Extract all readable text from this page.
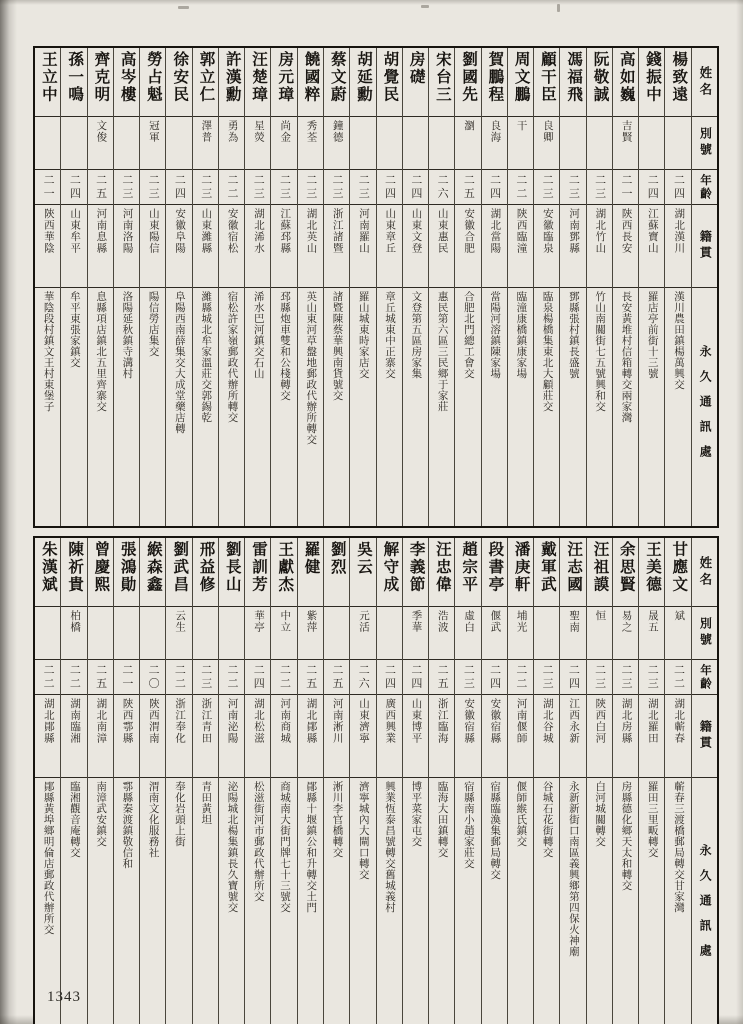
姓名
別號
年齡
籍貫
永久通訊處
楊致遠
二四
湖北漢川
漢川農田鎮楊萬興交
錢振中
二四
江蘇寶山
羅店亭前街十三號
高如巍
吉賢
二一
陝西長安
長安黃堆村信箱轉交兩家灣
阮敬誠
二三
湖北竹山
竹山南關街七五號興和交
馮福飛
二三
河南鄧縣
鄧縣張村鎮長盛號
顧干臣
良卿
二三
安徽臨泉
臨泉楊橋集東北大顧莊交
周文鵬
干
二二
陝西臨潼
臨潼康橋鎮康家場
賀鵬程
良海
二四
湖北當陽
當陽河溶鎮陳家場
劉國先
瀏
二五
安徽合肥
合肥北門總工會交
宋台三
二六
山東惠民
惠民第六區三民鄉于家莊
房礎
二四
山東文登
文登第五區房家集
胡覺民
二四
山東章丘
章丘城東中正寨交
胡延勳
二三
河南羅山
羅山城東時家店交
蔡文蔚
鐘德
二三
浙江諸暨
諸暨陳蔡華興南貨號交
饒國粹
秀荃
二三
湖北英山
英山東河草盤地郵政代辦所轉交
房元璋
尚金
二三
江蘇邳縣
邳縣炮車雙和公棧轉交
汪楚璋
星熒
二三
湖北浠水
浠水巴河鎮交石山
許漢勳
勇為
二二
安徽宿松
宿松許家嶺郵政代辦所轉交
郭立仁
澤普
二三
山東濰縣
濰縣城北牟家溫莊交郭錫乾
徐安民
二四
安徽阜陽
阜陽西南薛集交大成堂藥店轉
勞占魁
冠軍
二三
山東陽信
陽信勞店集交
高岑樓
二三
河南洛陽
洛陽延秋鎮寺溝村
齊克明
文俊
二五
河南息縣
息縣項店鎮北五里齊寨交
孫一鳴
二四
山東牟平
牟平東張家鎮交
王立中
二一
陝西華陰
華陰段村鎮文王村東堡子
姓名
別號
年齡
籍貫
永久通訊處
甘應文
斌
二二
湖北蘄春
蘄春三渡橋郵局轉交甘家灣
王美德
晟五
二三
湖北羅田
羅田三里畈轉交
余思賢
易之
二三
湖北房縣
房縣德化鄉天太和轉交
汪祖謨
恒
二三
陝西白河
白河城關轉交
汪志國
聖南
二四
江西永新
永新新街口南區義興鄉第四保火神廟
戴軍武
二三
湖北谷城
谷城石花街轉交
潘庚軒
埔光
二二
河南偃師
偃師緱氏鎮交
段書亭
偃武
二四
安徽宿縣
宿縣臨渙集郵局轉交
趙宗平
虛白
二三
安徽宿縣
宿縣南小趙家莊交
汪忠偉
浩波
二五
浙江臨海
臨海大田鎮轉交
李義節
季華
二四
山東博平
博平菜家屯交
解守成
二四
廣西興業
興業恆泰昌號轉交舊城義村
吳云
元活
二六
山東濟寧
濟寧城內大閘口轉交
劉烈
二五
河南淅川
淅川李官橋轉交
羅健
紫萍
二五
湖北鄖縣
鄖縣十堰鎮公和升轉交土門
王獻杰
中立
二二
河南商城
商城南大街門牌七十三號交
雷訓芳
華亭
二四
湖北松滋
松滋街河市郵政代辦所交
劉長山
二二
河南泌陽
泌陽城北楊集鎮長久寶號交
邢益修
二三
浙江青田
青田黃坦
劉武昌
云生
二二
浙江奉化
奉化岩頭上街
緱森鑫
二〇
陝西渭南
渭南文化服務社
張鴻勛
二一
陝西鄠縣
鄠縣秦渡鎮敬信和
曾慶熙
二五
湖北南漳
南漳武安鎮交
陳祈貴
柏橋
二二
湖南臨湘
臨湘觀音庵轉交
朱漢斌
二二
湖北鄖縣
鄖縣黃埠鄉明倫店郵政代辦所交
1343
